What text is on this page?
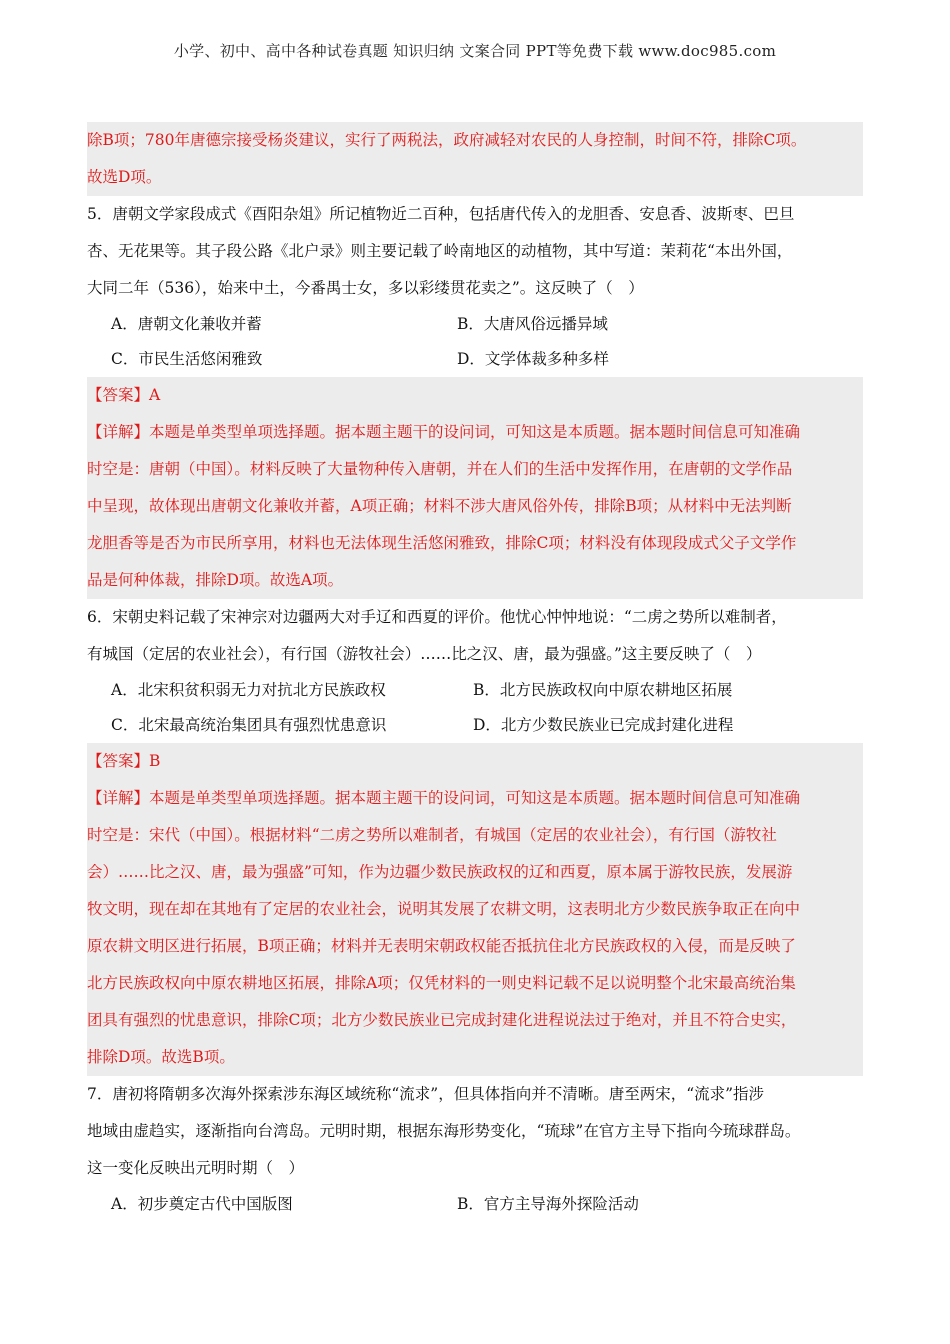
小学、初中、高中各种试卷真题 知识归纳 文案合同 PPT等免费下载 www.doc985.com

除B项；780年唐德宗接受杨炎建议，实行了两税法，政府减轻对农民的人身控制，时间不符，排除C项。

故选D项。

5．唐朝文学家段成式《酉阳杂俎》所记植物近二百种，包括唐代传入的龙胆香、安息香、波斯枣、巴旦

杏、无花果等。其子段公路《北户录》则主要记载了岭南地区的动植物，其中写道：茉莉花“本出外国，

大同二年（536），始来中土，今番禺士女，多以彩缕贯花卖之”。这反映了（　）

A．唐朝文化兼收并蓄	B．大唐风俗远播异域
C．市民生活悠闲雅致	D．文学体裁多种多样

【答案】A

【详解】本题是单类型单项选择题。据本题主题干的设问词，可知这是本质题。据本题时间信息可知准确

时空是：唐朝（中国）。材料反映了大量物种传入唐朝，并在人们的生活中发挥作用，在唐朝的文学作品

中呈现，故体现出唐朝文化兼收并蓄，A项正确；材料不涉大唐风俗外传，排除B项；从材料中无法判断

龙胆香等是否为市民所享用，材料也无法体现生活悠闲雅致，排除C项；材料没有体现段成式父子文学作

品是何种体裁，排除D项。故选A项。

6．宋朝史料记载了宋神宗对边疆两大对手辽和西夏的评价。他忧心忡忡地说：“二虏之势所以难制者，

有城国（定居的农业社会），有行国（游牧社会）……比之汉、唐，最为强盛。”这主要反映了（　）

A．北宋积贫积弱无力对抗北方民族政权	B．北方民族政权向中原农耕地区拓展
C．北宋最高统治集团具有强烈忧患意识	D．北方少数民族业已完成封建化进程

【答案】B

【详解】本题是单类型单项选择题。据本题主题干的设问词，可知这是本质题。据本题时间信息可知准确

时空是：宋代（中国）。根据材料“二虏之势所以难制者，有城国（定居的农业社会），有行国（游牧社

会）……比之汉、唐，最为强盛”可知，作为边疆少数民族政权的辽和西夏，原本属于游牧民族，发展游

牧文明，现在却在其地有了定居的农业社会，说明其发展了农耕文明，这表明北方少数民族争取正在向中

原农耕文明区进行拓展，B项正确；材料并无表明宋朝政权能否抵抗住北方民族政权的入侵，而是反映了

北方民族政权向中原农耕地区拓展，排除A项；仅凭材料的一则史料记载不足以说明整个北宋最高统治集

团具有强烈的忧患意识，排除C项；北方少数民族业已完成封建化进程说法过于绝对，并且不符合史实，

排除D项。故选B项。

7．唐初将隋朝多次海外探索涉东海区域统称“流求”，但具体指向并不清晰。唐至两宋，“流求”指涉

地域由虚趋实，逐渐指向台湾岛。元明时期，根据东海形势变化，“琉球”在官方主导下指向今琉球群岛。

这一变化反映出元明时期（　）

A．初步奠定古代中国版图	B．官方主导海外探险活动
